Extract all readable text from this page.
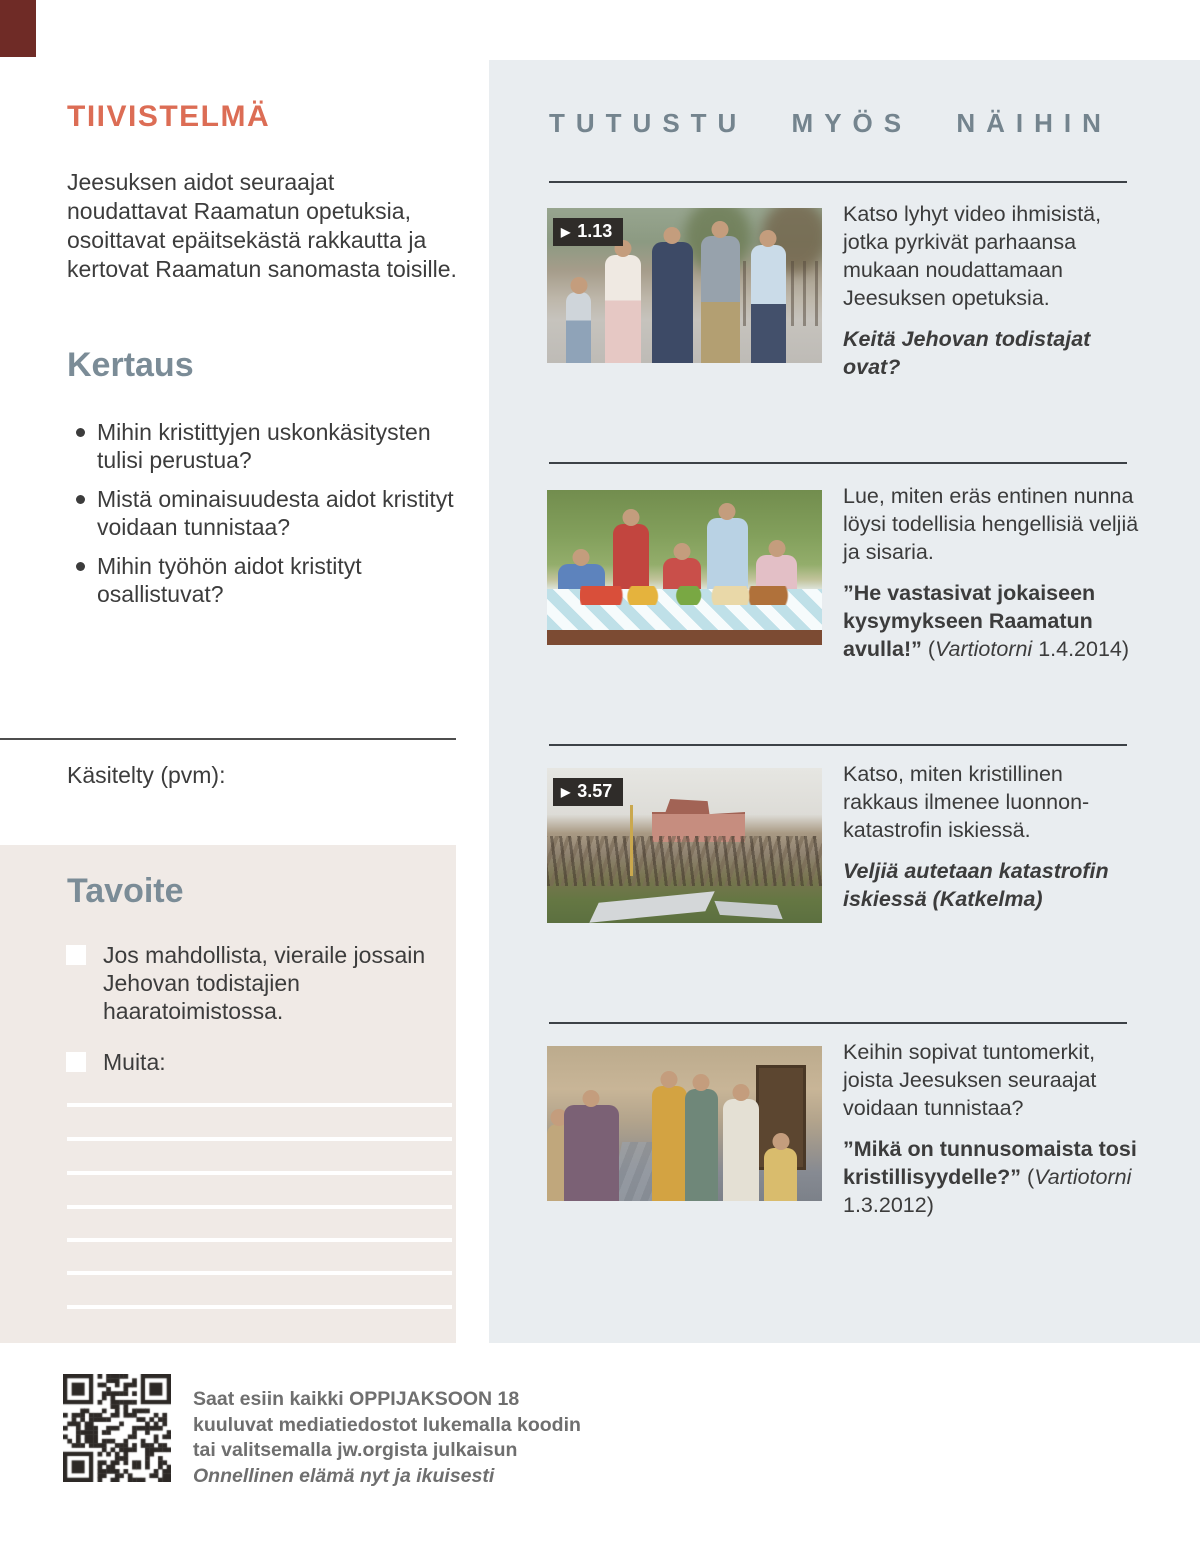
TIIVISTELMÄ
Jeesuksen aidot seuraajat noudattavat Raamatun opetuksia, osoittavat epäitsekästä rakkautta ja kertovat Raamatun sanomasta toisille.
Kertaus
Mihin kristittyjen uskonkäsitysten tulisi perustua?
Mistä ominaisuudesta aidot kristityt voidaan tunnistaa?
Mihin työhön aidot kristityt osallistuvat?
Käsitelty (pvm):
Tavoite
Jos mahdollista, vieraile jossain Jehovan todistajien haaratoimistossa.
Muita:
TUTUSTU MYÖS NÄIHIN
▶ 1.13

Katso lyhyt video ihmisistä, jotka pyrkivät parhaansa mukaan noudattamaan Jeesuksen opetuksia.

Keitä Jehovan todistajat ovat?

Lue, miten eräs entinen nunna löysi todellisia hengellisiä veljiä ja sisaria.

”He vastasivat jokaiseen kysymykseen Raamatun avulla!” (Vartiotorni 1.4.2014)

▶ 3.57

Katso, miten kristillinen rakkaus ilmenee luonnonkatastrofin iskiessä.

Veljiä autetaan katastrofin iskiessä (Katkelma)

Keihin sopivat tuntomerkit, joista Jeesuksen seuraajat voidaan tunnistaa?

”Mikä on tunnusomaista tosi kristillisyydelle?” (Vartiotorni 1.3.2012)

Saat esiin kaikki OPPIJAKSOON 18
kuuluvat mediatiedostot lukemalla koodin
tai valitsemalla jw.orgista julkaisun
Onnellinen elämä nyt ja ikuisesti
